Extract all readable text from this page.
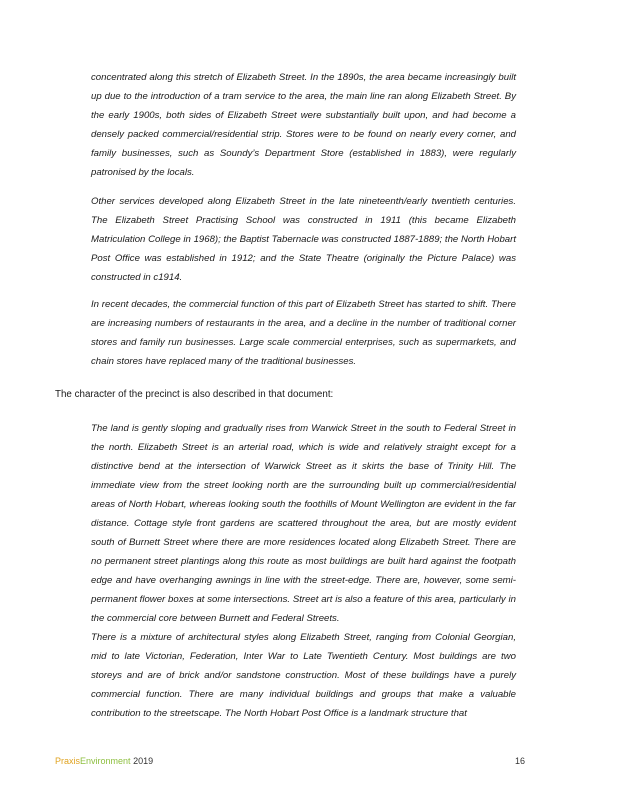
concentrated along this stretch of Elizabeth Street. In the 1890s, the area became increasingly built up due to the introduction of a tram service to the area, the main line ran along Elizabeth Street. By the early 1900s, both sides of Elizabeth Street were substantially built upon, and had become a densely packed commercial/residential strip. Stores were to be found on nearly every corner, and family businesses, such as Soundy’s Department Store (established in 1883), were regularly patronised by the locals.

Other services developed along Elizabeth Street in the late nineteenth/early twentieth centuries. The Elizabeth Street Practising School was constructed in 1911 (this became Elizabeth Matriculation College in 1968); the Baptist Tabernacle was constructed 1887-1889; the North Hobart Post Office was established in 1912; and the State Theatre (originally the Picture Palace) was constructed in c1914.

In recent decades, the commercial function of this part of Elizabeth Street has started to shift. There are increasing numbers of restaurants in the area, and a decline in the number of traditional corner stores and family run businesses. Large scale commercial enterprises, such as supermarkets, and chain stores have replaced many of the traditional businesses.

The character of the precinct is also described in that document:

The land is gently sloping and gradually rises from Warwick Street in the south to Federal Street in the north. Elizabeth Street is an arterial road, which is wide and relatively straight except for a distinctive bend at the intersection of Warwick Street as it skirts the base of Trinity Hill. The immediate view from the street looking north are the surrounding built up commercial/residential areas of North Hobart, whereas looking south the foothills of Mount Wellington are evident in the far distance. Cottage style front gardens are scattered throughout the area, but are mostly evident south of Burnett Street where there are more residences located along Elizabeth Street. There are no permanent street plantings along this route as most buildings are built hard against the footpath edge and have overhanging awnings in line with the street-edge. There are, however, some semi-permanent flower boxes at some intersections. Street art is also a feature of this area, particularly in the commercial core between Burnett and Federal Streets.

There is a mixture of architectural styles along Elizabeth Street, ranging from Colonial Georgian, mid to late Victorian, Federation, Inter War to Late Twentieth Century. Most buildings are two storeys and are of brick and/or sandstone construction. Most of these buildings have a purely commercial function. There are many individual buildings and groups that make a valuable contribution to the streetscape. The North Hobart Post Office is a landmark structure that

PraxisEnvironment 2019	16
